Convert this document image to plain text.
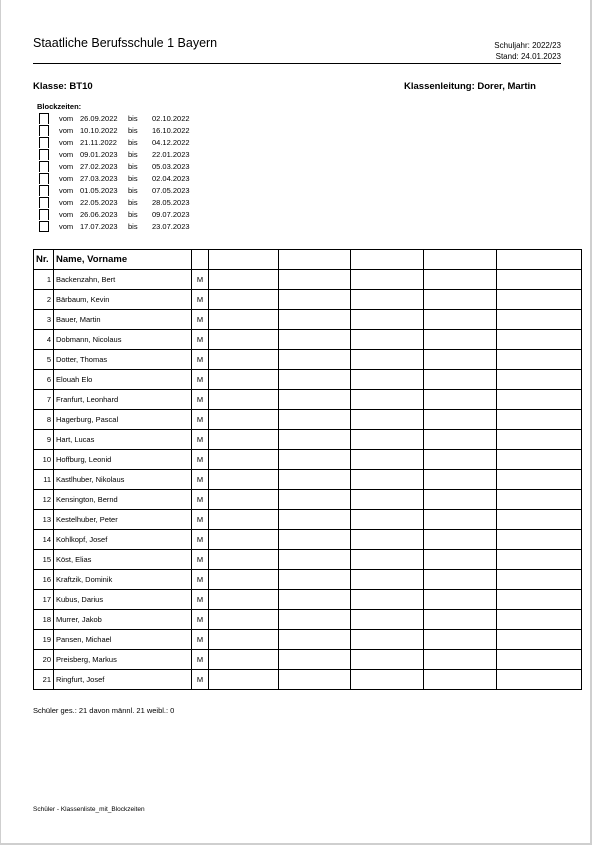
Staatliche Berufsschule 1 Bayern	Schuljahr: 2022/23
Stand: 24.01.2023
Klasse: BT10	Klassenleitung: Dorer, Martin
Blockzeiten:
vom 26.09.2022	bis	02.10.2022
vom 10.10.2022	bis	16.10.2022
vom 21.11.2022	bis	04.12.2022
vom 09.01.2023	bis	22.01.2023
vom 27.02.2023	bis	05.03.2023
vom 27.03.2023	bis	02.04.2023
vom 01.05.2023	bis	07.05.2023
vom 22.05.2023	bis	28.05.2023
vom 26.06.2023	bis	09.07.2023
vom 17.07.2023	bis	23.07.2023
Nr.	Name, Vorname						
1	Backenzahn, Bert	M					
2	Bärbaum, Kevin	M					
3	Bauer, Martin	M					
4	Dobmann, Nicolaus	M					
5	Dotter, Thomas	M					
6	Elouah Elo	M					
7	Franfurt, Leonhard	M					
8	Hagerburg, Pascal	M					
9	Hart, Lucas	M					
10	Hoffburg, Leonid	M					
11	Kastlhuber, Nikolaus	M					
12	Kensington, Bernd	M					
13	Kestelhuber, Peter	M					
14	Kohlkopf, Josef	M					
15	Köst, Elias	M					
16	Kraftzik, Dominik	M					
17	Kubus, Darius	M					
18	Murrer, Jakob	M					
19	Pansen, Michael	M					
20	Preisberg, Markus	M					
21	Ringfurt, Josef	M					
Schüler ges.: 21 davon männl. 21 weibl.: 0
Schüler - Klassenliste_mit_Blockzeiten
